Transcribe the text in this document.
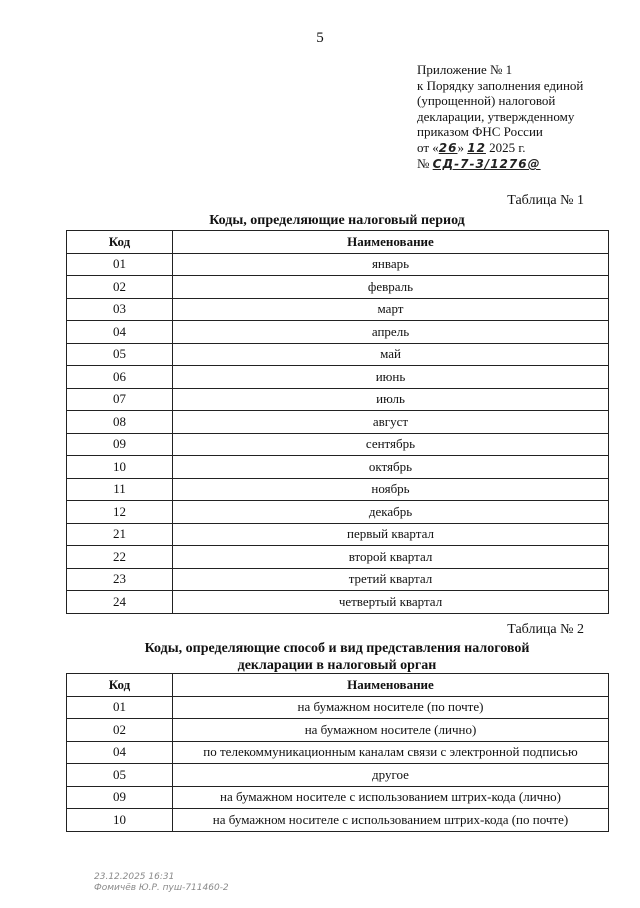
5
Приложение № 1
к Порядку заполнения единой
(упрощенной) налоговой
декларации, утвержденному
приказом ФНС России
от «26» 12 2025 г.
№ СД-7-3/1276@
Таблица № 1
Коды, определяющие налоговый период
Код	Наименование
01	январь
02	февраль
03	март
04	апрель
05	май
06	июнь
07	июль
08	август
09	сентябрь
10	октябрь
11	ноябрь
12	декабрь
21	первый квартал
22	второй квартал
23	третий квартал
24	четвертый квартал
Таблица № 2
Коды, определяющие способ и вид представления налоговой
декларации в налоговый орган
Код	Наименование
01	на бумажном носителе (по почте)
02	на бумажном носителе (лично)
04	по телекоммуникационным каналам связи с электронной подписью
05	другое
09	на бумажном носителе с использованием штрих-кода (лично)
10	на бумажном носителе с использованием штрих-кода (по почте)
23.12.2025 16:31
Фомичёв Ю.Р. пуш-711460-2
